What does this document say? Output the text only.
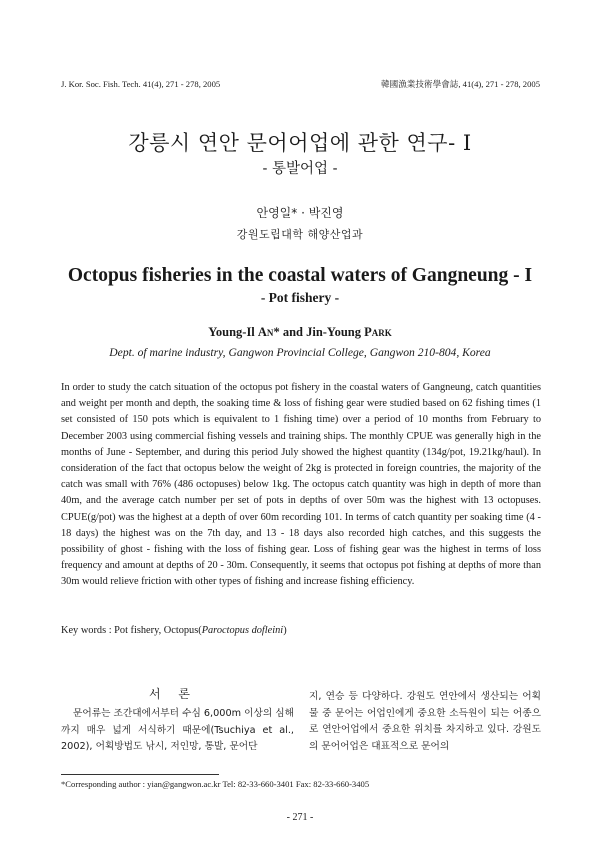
J. Kor. Soc. Fish. Tech. 41(4), 271 - 278, 2005	韓國漁業技術學會誌, 41(4), 271 - 278, 2005
강릉시 연안 문어어업에 관한 연구- I
- 통발어업 -
안영일* · 박진영
강원도립대학 해양산업과
Octopus fisheries in the coastal waters of Gangneung - I
- Pot fishery -
Young-Il An* and Jin-Young Park
Dept. of marine industry, Gangwon Provincial College, Gangwon 210-804, Korea
In order to study the catch situation of the octopus pot fishery in the coastal waters of Gangneung, catch quantities and weight per month and depth, the soaking time & loss of fishing gear were studied based on 62 fishing times (1 set consisted of 150 pots which is equivalent to 1 fishing time) over a period of 10 months from February to December 2003 using commercial fishing vessels and training ships. The monthly CPUE was generally high in the months of June - September, and during this period July showed the highest quantity (134g/pot, 19.21kg/haul). In consideration of the fact that octopus below the weight of 2kg is protected in foreign countries, the majority of the catch was small with 76% (486 octopuses) below 1kg. The octopus catch quantity was high in depth of more than 40m, and the average catch number per set of pots in depths of over 50m was the highest with 13 octopuses. CPUE(g/pot) was the highest at a depth of over 60m recording 101. In terms of catch quantity per soaking time (4 - 18 days) the highest was on the 7th day, and 13 - 18 days also recorded high catches, and this suggests the possibility of ghost - fishing with the loss of fishing gear. Loss of fishing gear was the highest in terms of loss frequency and amount at depths of 20 - 30m. Consequently, it seems that octopus pot fishing at depths of more than 30m would relieve friction with other types of fishing and increase fishing efficiency.
Key words : Pot fishery, Octopus(Paroctopus dofleini)
서 론
문어류는 조간대에서부터 수심 6,000m 이상의 심해까지 매우 넓게 서식하기 때문에(Tsuchiya et al., 2002), 어획방법도 낚시, 저인망, 통발, 문어단
지, 연승 등 다양하다. 강원도 연안에서 생산되는 어획물 중 문어는 어업인에게 중요한 소득원이 되는 어종으로 연안어업에서 중요한 위치를 차지하고 있다. 강원도의 문어어업은 대표적으로 문어의
*Corresponding author : yian@gangwon.ac.kr Tel: 82-33-660-3401 Fax: 82-33-660-3405
- 271 -
